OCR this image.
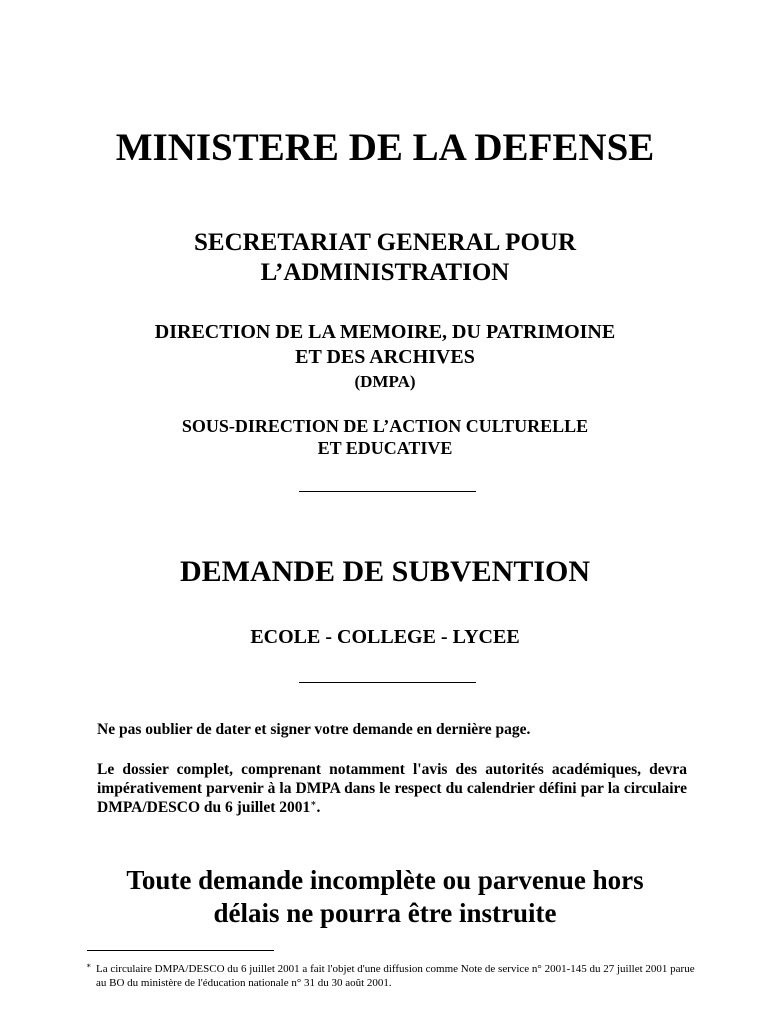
MINISTERE DE LA DEFENSE
SECRETARIAT GENERAL POUR
L’ADMINISTRATION
DIRECTION DE LA MEMOIRE, DU PATRIMOINE
ET DES ARCHIVES
(DMPA)
SOUS-DIRECTION DE L’ACTION CULTURELLE
ET EDUCATIVE
DEMANDE DE SUBVENTION
ECOLE - COLLEGE - LYCEE
Ne pas oublier de dater et signer votre demande en dernière page.
Le dossier complet, comprenant notamment l'avis des autorités académiques, devra impérativement parvenir à la DMPA dans le respect du calendrier défini par la circulaire DMPA/DESCO du 6 juillet 2001∗.
Toute demande incomplète ou parvenue hors
délais ne pourra être instruite
∗ La circulaire DMPA/DESCO du 6 juillet 2001 a fait l'objet d'une diffusion comme Note de service n° 2001-145 du 27 juillet 2001 parue au BO du ministère de l'éducation nationale n° 31 du 30 août 2001.
